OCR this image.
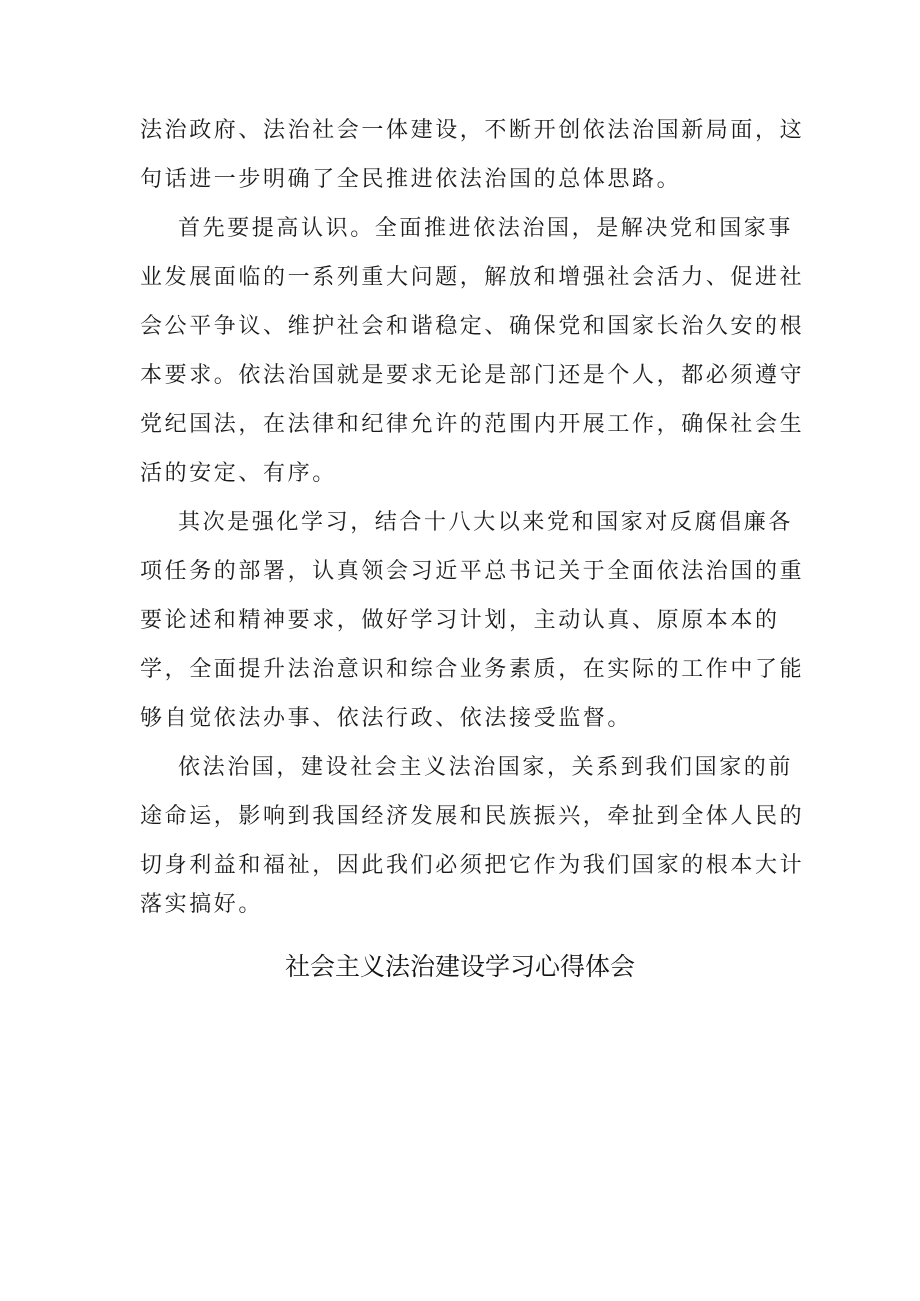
法治政府、法治社会一体建设，不断开创依法治国新局面，这
句话进一步明确了全民推进依法治国的总体思路。
首先要提高认识。全面推进依法治国，是解决党和国家事
业发展面临的一系列重大问题，解放和增强社会活力、促进社
会公平争议、维护社会和谐稳定、确保党和国家长治久安的根
本要求。依法治国就是要求无论是部门还是个人，都必须遵守
党纪国法，在法律和纪律允许的范围内开展工作，确保社会生
活的安定、有序。
其次是强化学习，结合十八大以来党和国家对反腐倡廉各
项任务的部署，认真领会习近平总书记关于全面依法治国的重
要论述和精神要求，做好学习计划，主动认真、原原本本的
学，全面提升法治意识和综合业务素质，在实际的工作中了能
够自觉依法办事、依法行政、依法接受监督。
依法治国，建设社会主义法治国家，关系到我们国家的前
途命运，影响到我国经济发展和民族振兴，牵扯到全体人民的
切身利益和福祉，因此我们必须把它作为我们国家的根本大计
落实搞好。
社会主义法治建设学习心得体会
